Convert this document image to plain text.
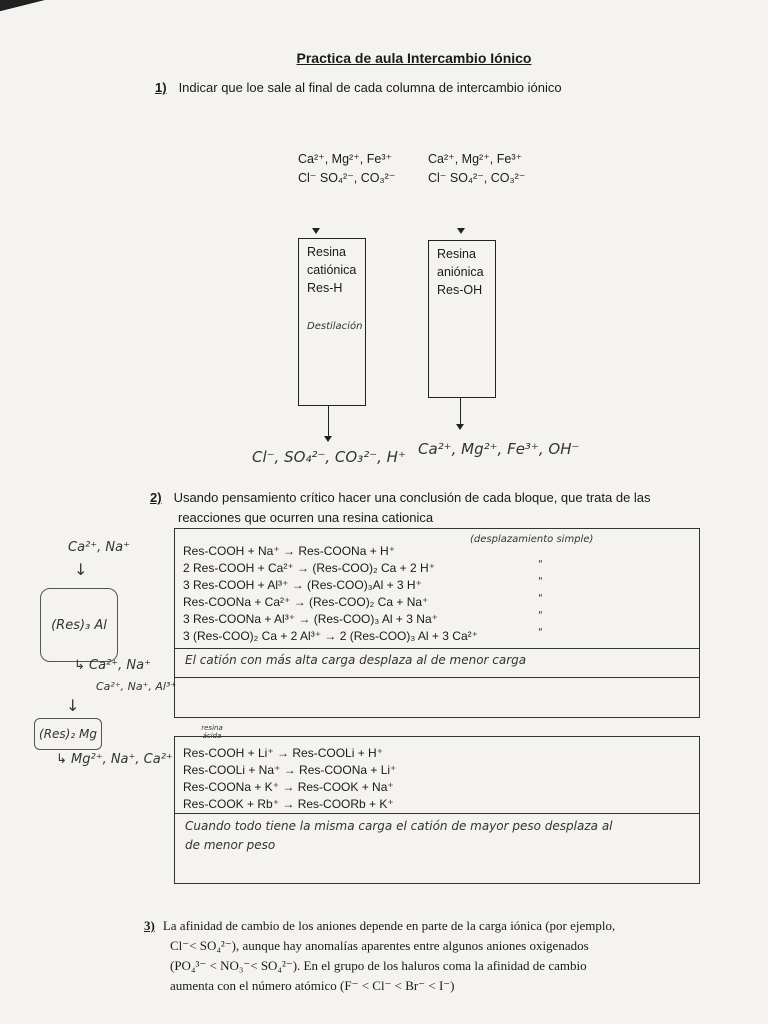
Practica de aula Intercambio Iónico
1) Indicar que loe sale al final de cada columna de intercambio iónico
Ca²⁺, Mg²⁺, Fe³⁺
Cl⁻ SO₄²⁻, CO₃²⁻
Resina
catiónica
Res-H
Destilación
Cl⁻, SO₄²⁻, CO₃²⁻, H⁺
Ca²⁺, Mg²⁺, Fe³⁺
Cl⁻ SO₄²⁻, CO₃²⁻
Resina
aniónica
Res-OH
Ca²⁺, Mg²⁺, Fe³⁺, OH⁻
2) Usando pensamiento crítico hacer una conclusión de cada bloque, que trata de las
reacciones que ocurren una resina cationica
Res-COOH + Na⁺ → Res-COONa + H⁺
2 Res-COOH + Ca²⁺ → (Res-COO)₂ Ca + 2 H⁺
3 Res-COOH + Al³⁺ → (Res-COO)₃Al + 3 H⁺
Res-COONa + Ca²⁺ → (Res-COO)₂ Ca + Na⁺
3 Res-COONa + Al³⁺ → (Res-COO)₃ Al + 3 Na⁺
3 (Res-COO)₂ Ca + 2 Al³⁺ → 2 (Res-COO)₃ Al + 3 Ca²⁺
El catión con más alta carga desplaza al de menor carga
(desplazamiento simple)
"
"
"
"
"
resina ácida
Res-COOH + Li⁺ → Res-COOLi + H⁺
Res-COOLi + Na⁺ → Res-COONa + Li⁺
Res-COONa + K⁺ → Res-COOK + Na⁺
Res-COOK + Rb⁺ → Res-COORb + K⁺
Cuando todo tiene la misma carga el catión de mayor peso desplaza al
de menor peso
Ca²⁺, Na⁺
↓
(Res)₃ Al
↳ Ca²⁺, Na⁺
Ca²⁺, Na⁺, Al³⁺
↓
(Res)₂ Mg
↳ Mg²⁺, Na⁺, Ca²⁺
3) La afinidad de cambio de los aniones depende en parte de la carga iónica (por ejemplo,
Cl⁻< SO₄²⁻), aunque hay anomalías aparentes entre algunos aniones oxigenados
(PO₄³⁻ < NO₃⁻< SO₄²⁻). En el grupo de los haluros coma la afinidad de cambio
aumenta con el número atómico (F⁻ < Cl⁻ < Br⁻ < I⁻)
